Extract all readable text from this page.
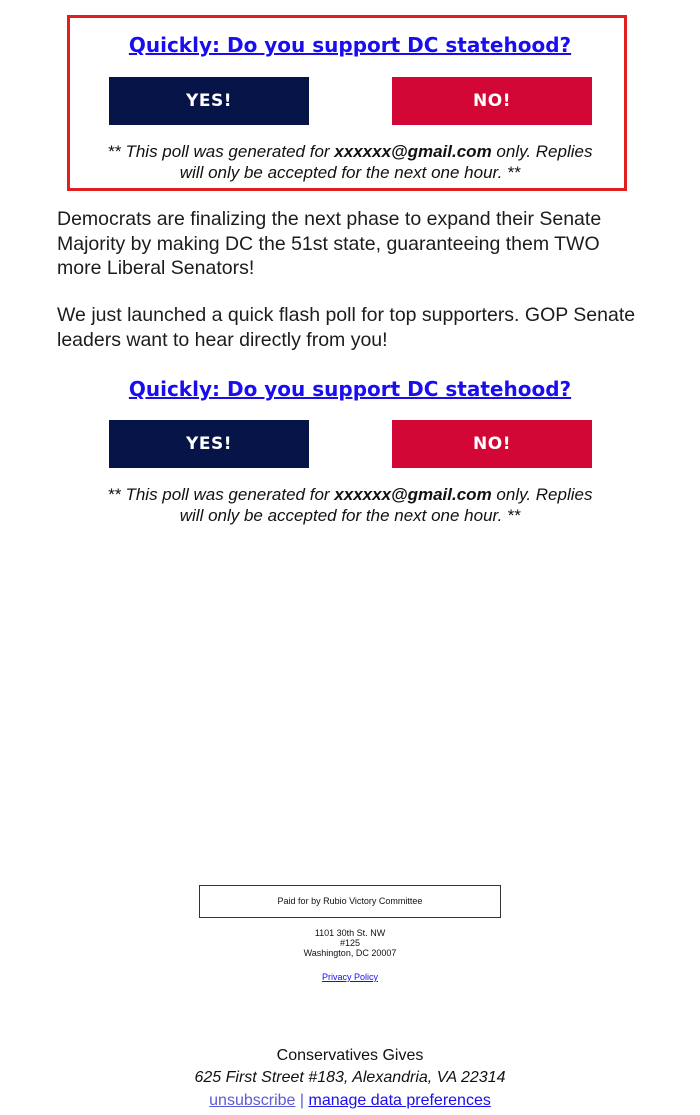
Quickly: Do you support DC statehood?
YES!	NO!
** This poll was generated for xxxxxx@gmail.com only. Replies
will only be accepted for the next one hour. **

Democrats are finalizing the next phase to expand their Senate Majority by making DC the 51st state, guaranteeing them TWO more Liberal Senators!

We just launched a quick flash poll for top supporters. GOP Senate leaders want to hear directly from you!

Quickly: Do you support DC statehood?
YES!	NO!
** This poll was generated for xxxxxx@gmail.com only. Replies
will only be accepted for the next one hour. **
Paid for by Rubio Victory Committee
1101 30th St. NW
#125
Washington, DC 20007
Privacy Policy
Conservatives Gives
625 First Street #183, Alexandria, VA 22314
unsubscribe | manage data preferences
